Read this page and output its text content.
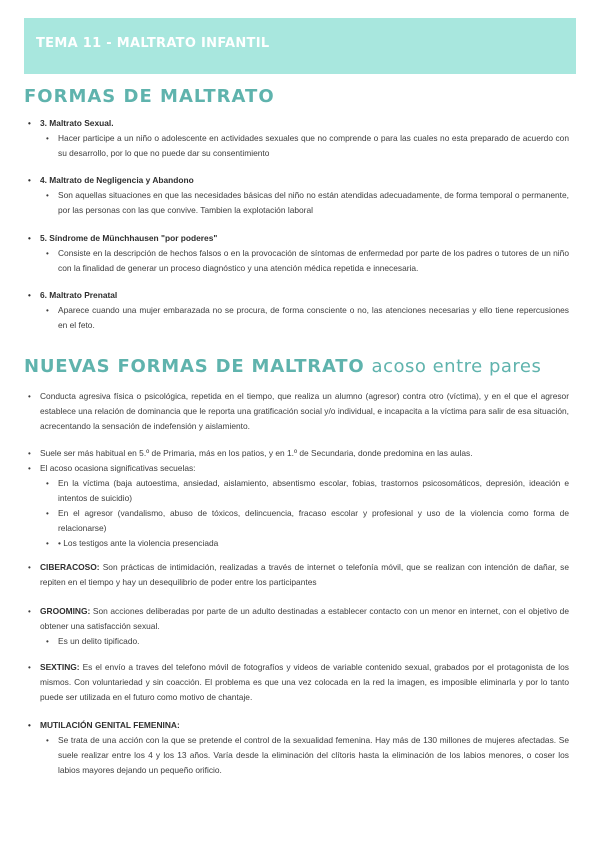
TEMA 11 - MALTRATO INFANTIL
FORMAS DE MALTRATO

• 3. Maltrato Sexual.

• Hacer participe a un niño o adolescente en actividades sexuales que no comprende o para las cuales no esta preparado de acuerdo con su desarrollo, por lo que no puede dar su consentimiento

• 4. Maltrato de Negligencia y Abandono

• Son aquellas situaciones en que las necesidades básicas del niño no están atendidas adecuadamente, de forma temporal o permanente, por las personas con las que convive. Tambien la explotación laboral

• 5. Síndrome de Münchhausen "por poderes"

• Consiste en la descripción de hechos falsos o en la provocación de síntomas de enfermedad por parte de los padres o tutores de un niño con la finalidad de generar un proceso diagnóstico y una atención médica repetida e innecesaria.

• 6. Maltrato Prenatal

• Aparece cuando una mujer embarazada no se procura, de forma consciente o no, las atenciones necesarias y ello tiene repercusiones en el feto.

NUEVAS FORMAS DE MALTRATO acoso entre pares

• Conducta agresiva física o psicológica, repetida en el tiempo, que realiza un alumno (agresor) contra otro (víctima), y en el que el agresor establece una relación de dominancia que le reporta una gratificación social y/o individual, e incapacita a la víctima para salir de esa situación, acrecentando la sensación de indefensión y aislamiento.

• Suele ser más habitual en 5.º de Primaria, más en los patios, y en 1.º de Secundaria, donde predomina en las aulas.

• El acoso ocasiona significativas secuelas:

• En la víctima (baja autoestima, ansiedad, aislamiento, absentismo escolar, fobias, trastornos psicosomáticos, depresión, ideación e intentos de suicidio)

• En el agresor (vandalismo, abuso de tóxicos, delincuencia, fracaso escolar y profesional y uso de la violencia como forma de relacionarse)

• • Los testigos ante la violencia presenciada

• CIBERACOSO: Son prácticas de intimidación, realizadas a través de internet o telefonía móvil, que se realizan con intención de dañar, se repiten en el tiempo y hay un desequilibrio de poder entre los participantes

• GROOMING: Son acciones deliberadas por parte de un adulto destinadas a establecer contacto con un menor en internet, con el objetivo de obtener una satisfacción sexual.

• Es un delito tipificado.

• SEXTING: Es el envío a traves del telefono móvil de fotografíos y videos de variable contenido sexual, grabados por el protagonista de los mismos. Con voluntariedad y sin coacción. El problema es que una vez colocada en la red la imagen, es imposible eliminarla y por lo tanto puede ser utilizada en el futuro como motivo de chantaje.

• MUTILACIÓN GENITAL FEMENINA:

• Se trata de una acción con la que se pretende el control de la sexualidad femenina. Hay más de 130 millones de mujeres afectadas. Se suele realizar entre los 4 y los 13 años. Varía desde la eliminación del clítoris hasta la eliminación de los labios menores, o coser los labios mayores dejando un pequeño orificio.
